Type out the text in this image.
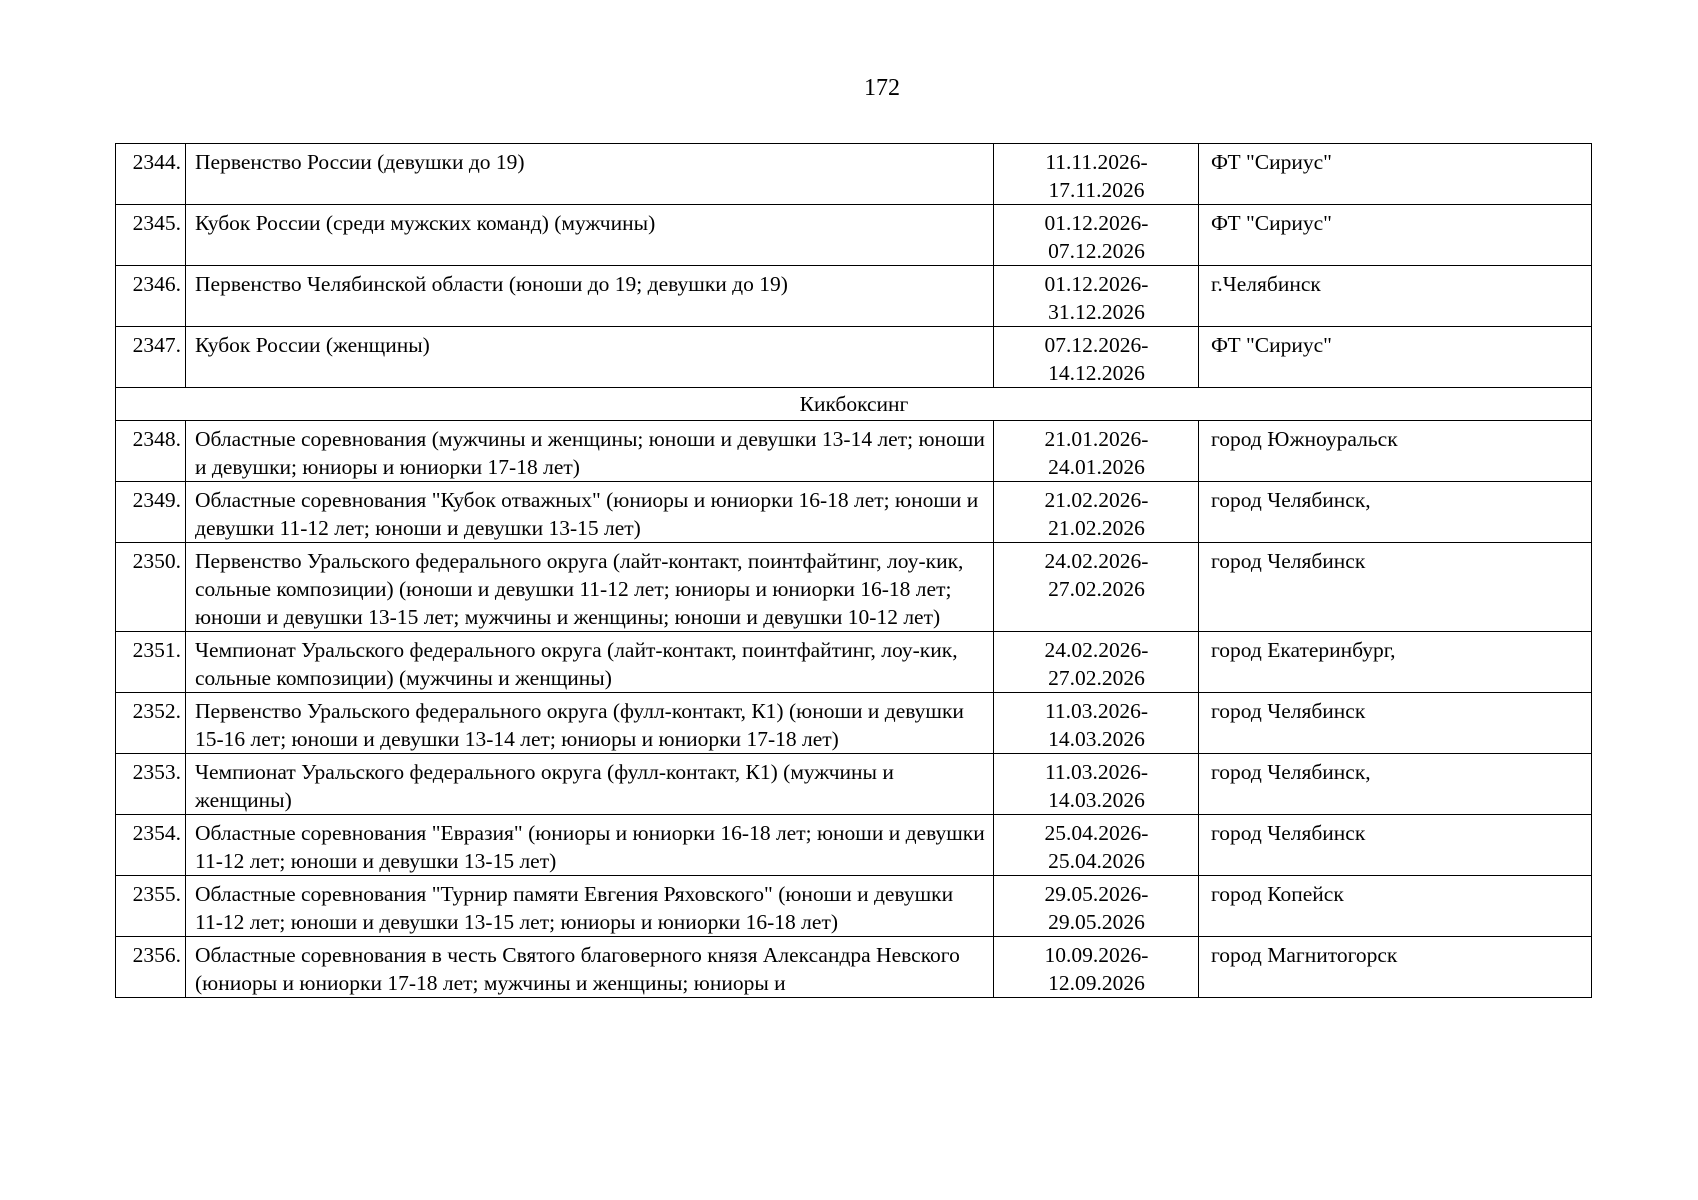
172
2344.	Первенство России (девушки до 19)	11.11.2026-
17.11.2026	ФТ "Сириус"
2345.	Кубок России (среди мужских команд) (мужчины)	01.12.2026-
07.12.2026	ФТ "Сириус"
2346.	Первенство Челябинской области (юноши до 19; девушки до 19)	01.12.2026-
31.12.2026	г.Челябинск
2347.	Кубок России (женщины)	07.12.2026-
14.12.2026	ФТ "Сириус"
Кикбоксинг			
2348.	Областные соревнования (мужчины и женщины; юноши и девушки 13-14 лет; юноши и девушки; юниоры и юниорки 17-18 лет)	21.01.2026-
24.01.2026	город Южноуральск
2349.	Областные соревнования "Кубок отважных" (юниоры и юниорки 16-18 лет; юноши и девушки 11-12 лет; юноши и девушки 13-15 лет)	21.02.2026-
21.02.2026	город Челябинск,
2350.	Первенство Уральского федерального округа (лайт-контакт, поинтфайтинг, лоу-кик, сольные композиции) (юноши и девушки 11-12 лет; юниоры и юниорки 16-18 лет; юноши и девушки 13-15 лет; мужчины и женщины; юноши и девушки 10-12 лет)	24.02.2026-
27.02.2026	город Челябинск
2351.	Чемпионат Уральского федерального округа (лайт-контакт, поинтфайтинг, лоу-кик, сольные композиции) (мужчины и женщины)	24.02.2026-
27.02.2026	город Екатеринбург,
2352.	Первенство Уральского федерального округа (фулл-контакт, К1) (юноши и девушки 15-16 лет; юноши и девушки 13-14 лет; юниоры и юниорки 17-18 лет)	11.03.2026-
14.03.2026	город Челябинск
2353.	Чемпионат Уральского федерального округа (фулл-контакт, К1) (мужчины и женщины)	11.03.2026-
14.03.2026	город Челябинск,
2354.	Областные соревнования "Евразия" (юниоры и юниорки 16-18 лет; юноши и девушки 11-12 лет; юноши и девушки 13-15 лет)	25.04.2026-
25.04.2026	город Челябинск
2355.	Областные соревнования "Турнир памяти Евгения Ряховского" (юноши и девушки 11-12 лет; юноши и девушки 13-15 лет; юниоры и юниорки 16-18 лет)	29.05.2026-
29.05.2026	город Копейск
2356.	Областные соревнования в честь Святого благоверного князя Александра Невского (юниоры и юниорки 17-18 лет; мужчины и женщины; юниоры и	10.09.2026-
12.09.2026	город Магнитогорск
